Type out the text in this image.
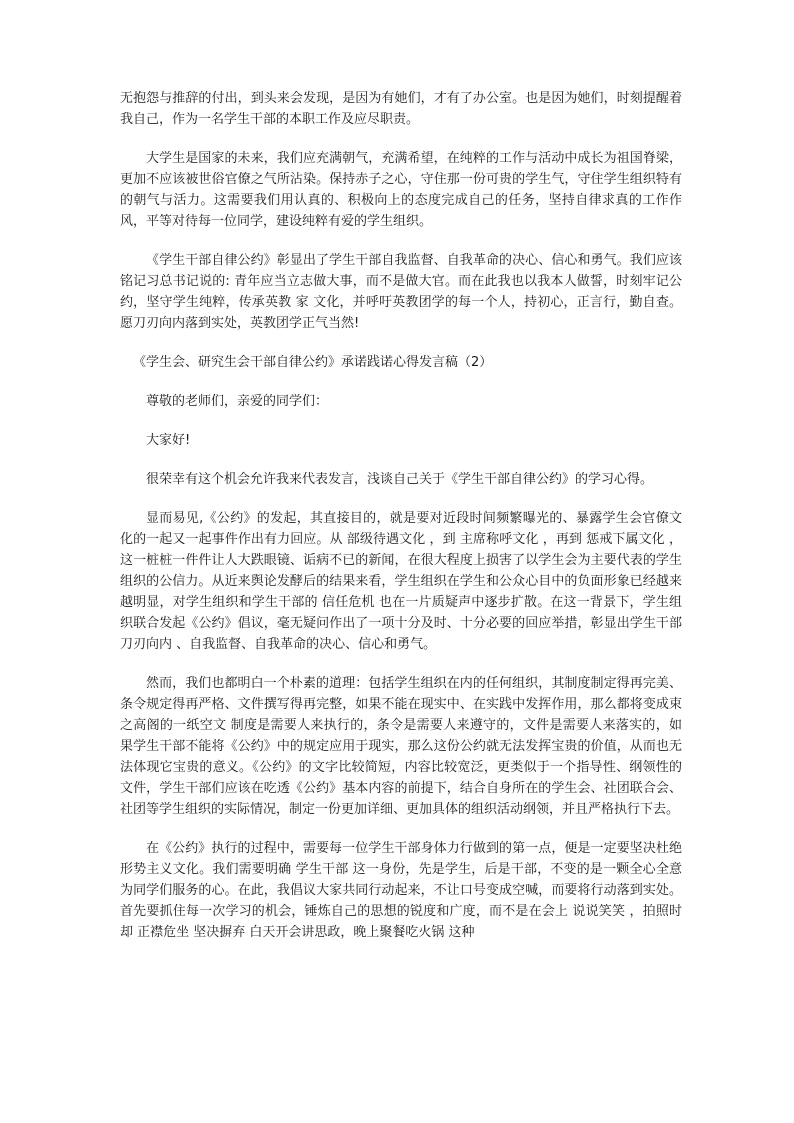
无抱怨与推辞的付出，到头来会发现，是因为有她们，才有了办公室。也是因为她们，时刻提醒着我自己，作为一名学生干部的本职工作及应尽职责。

大学生是国家的未来，我们应充满朝气，充满希望，在纯粹的工作与活动中成长为祖国脊梁，更加不应该被世俗官僚之气所沾染。保持赤子之心，守住那一份可贵的学生气，守住学生组织特有的朝气与活力。这需要我们用认真的、积极向上的态度完成自己的任务，坚持自律求真的工作作风，平等对待每一位同学，建设纯粹有爱的学生组织。

《学生干部自律公约》彰显出了学生干部自我监督、自我革命的决心、信心和勇气。我们应该铭记习总书记说的: 青年应当立志做大事，而不是做大官。而在此我也以我本人做誓，时刻牢记公约，坚守学生纯粹，传承英教 家 文化，并呼吁英教团学的每一个人，持初心，正言行，勤自查。愿刀刃向内落到实处，英教团学正气当然!

《学生会、研究生会干部自律公约》承诺践诺心得发言稿（2）

尊敬的老师们，亲爱的同学们：

大家好!

很荣幸有这个机会允许我来代表发言，浅谈自己关于《学生干部自律公约》的学习心得。

显而易见,《公约》的发起，其直接目的，就是要对近段时间频繁曝光的、暴露学生会官僚文化的一起又一起事件作出有力回应。从 部级待遇文化 ，到 主席称呼文化 ，再到 惩戒下属文化 ，这一桩桩一件件让人大跌眼镜、诟病不已的新闻，在很大程度上损害了以学生会为主要代表的学生组织的公信力。从近来舆论发酵后的结果来看，学生组织在学生和公众心目中的负面形象已经越来越明显，对学生组织和学生干部的 信任危机 也在一片质疑声中逐步扩散。在这一背景下，学生组织联合发起《公约》倡议，毫无疑问作出了一项十分及时、十分必要的回应举措，彰显出学生干部 刀刃向内 、自我监督、自我革命的决心、信心和勇气。

然而，我们也都明白一个朴素的道理：包括学生组织在内的任何组织，其制度制定得再完美、条令规定得再严格、文件撰写得再完整，如果不能在现实中、在实践中发挥作用，那么都将变成束之高阁的一纸空文 制度是需要人来执行的，条令是需要人来遵守的，文件是需要人来落实的，如果学生干部不能将《公约》中的规定应用于现实，那么这份公约就无法发挥宝贵的价值，从而也无法体现它宝贵的意义。《公约》的文字比较简短，内容比较宽泛，更类似于一个指导性、纲领性的文件，学生干部们应该在吃透《公约》基本内容的前提下，结合自身所在的学生会、社团联合会、社团等学生组织的实际情况，制定一份更加详细、更加具体的组织活动纲领，并且严格执行下去。

在《公约》执行的过程中，需要每一位学生干部身体力行做到的第一点，便是一定要坚决杜绝形势主义文化。我们需要明确 学生干部 这一身份，先是学生，后是干部，不变的是一颗全心全意为同学们服务的心。在此，我倡议大家共同行动起来，不让口号变成空喊，而要将行动落到实处。首先要抓住每一次学习的机会，锤炼自己的思想的锐度和广度，而不是在会上 说说笑笑 ，拍照时却 正襟危坐 坚决摒弃 白天开会讲思政，晚上聚餐吃火锅 这种
